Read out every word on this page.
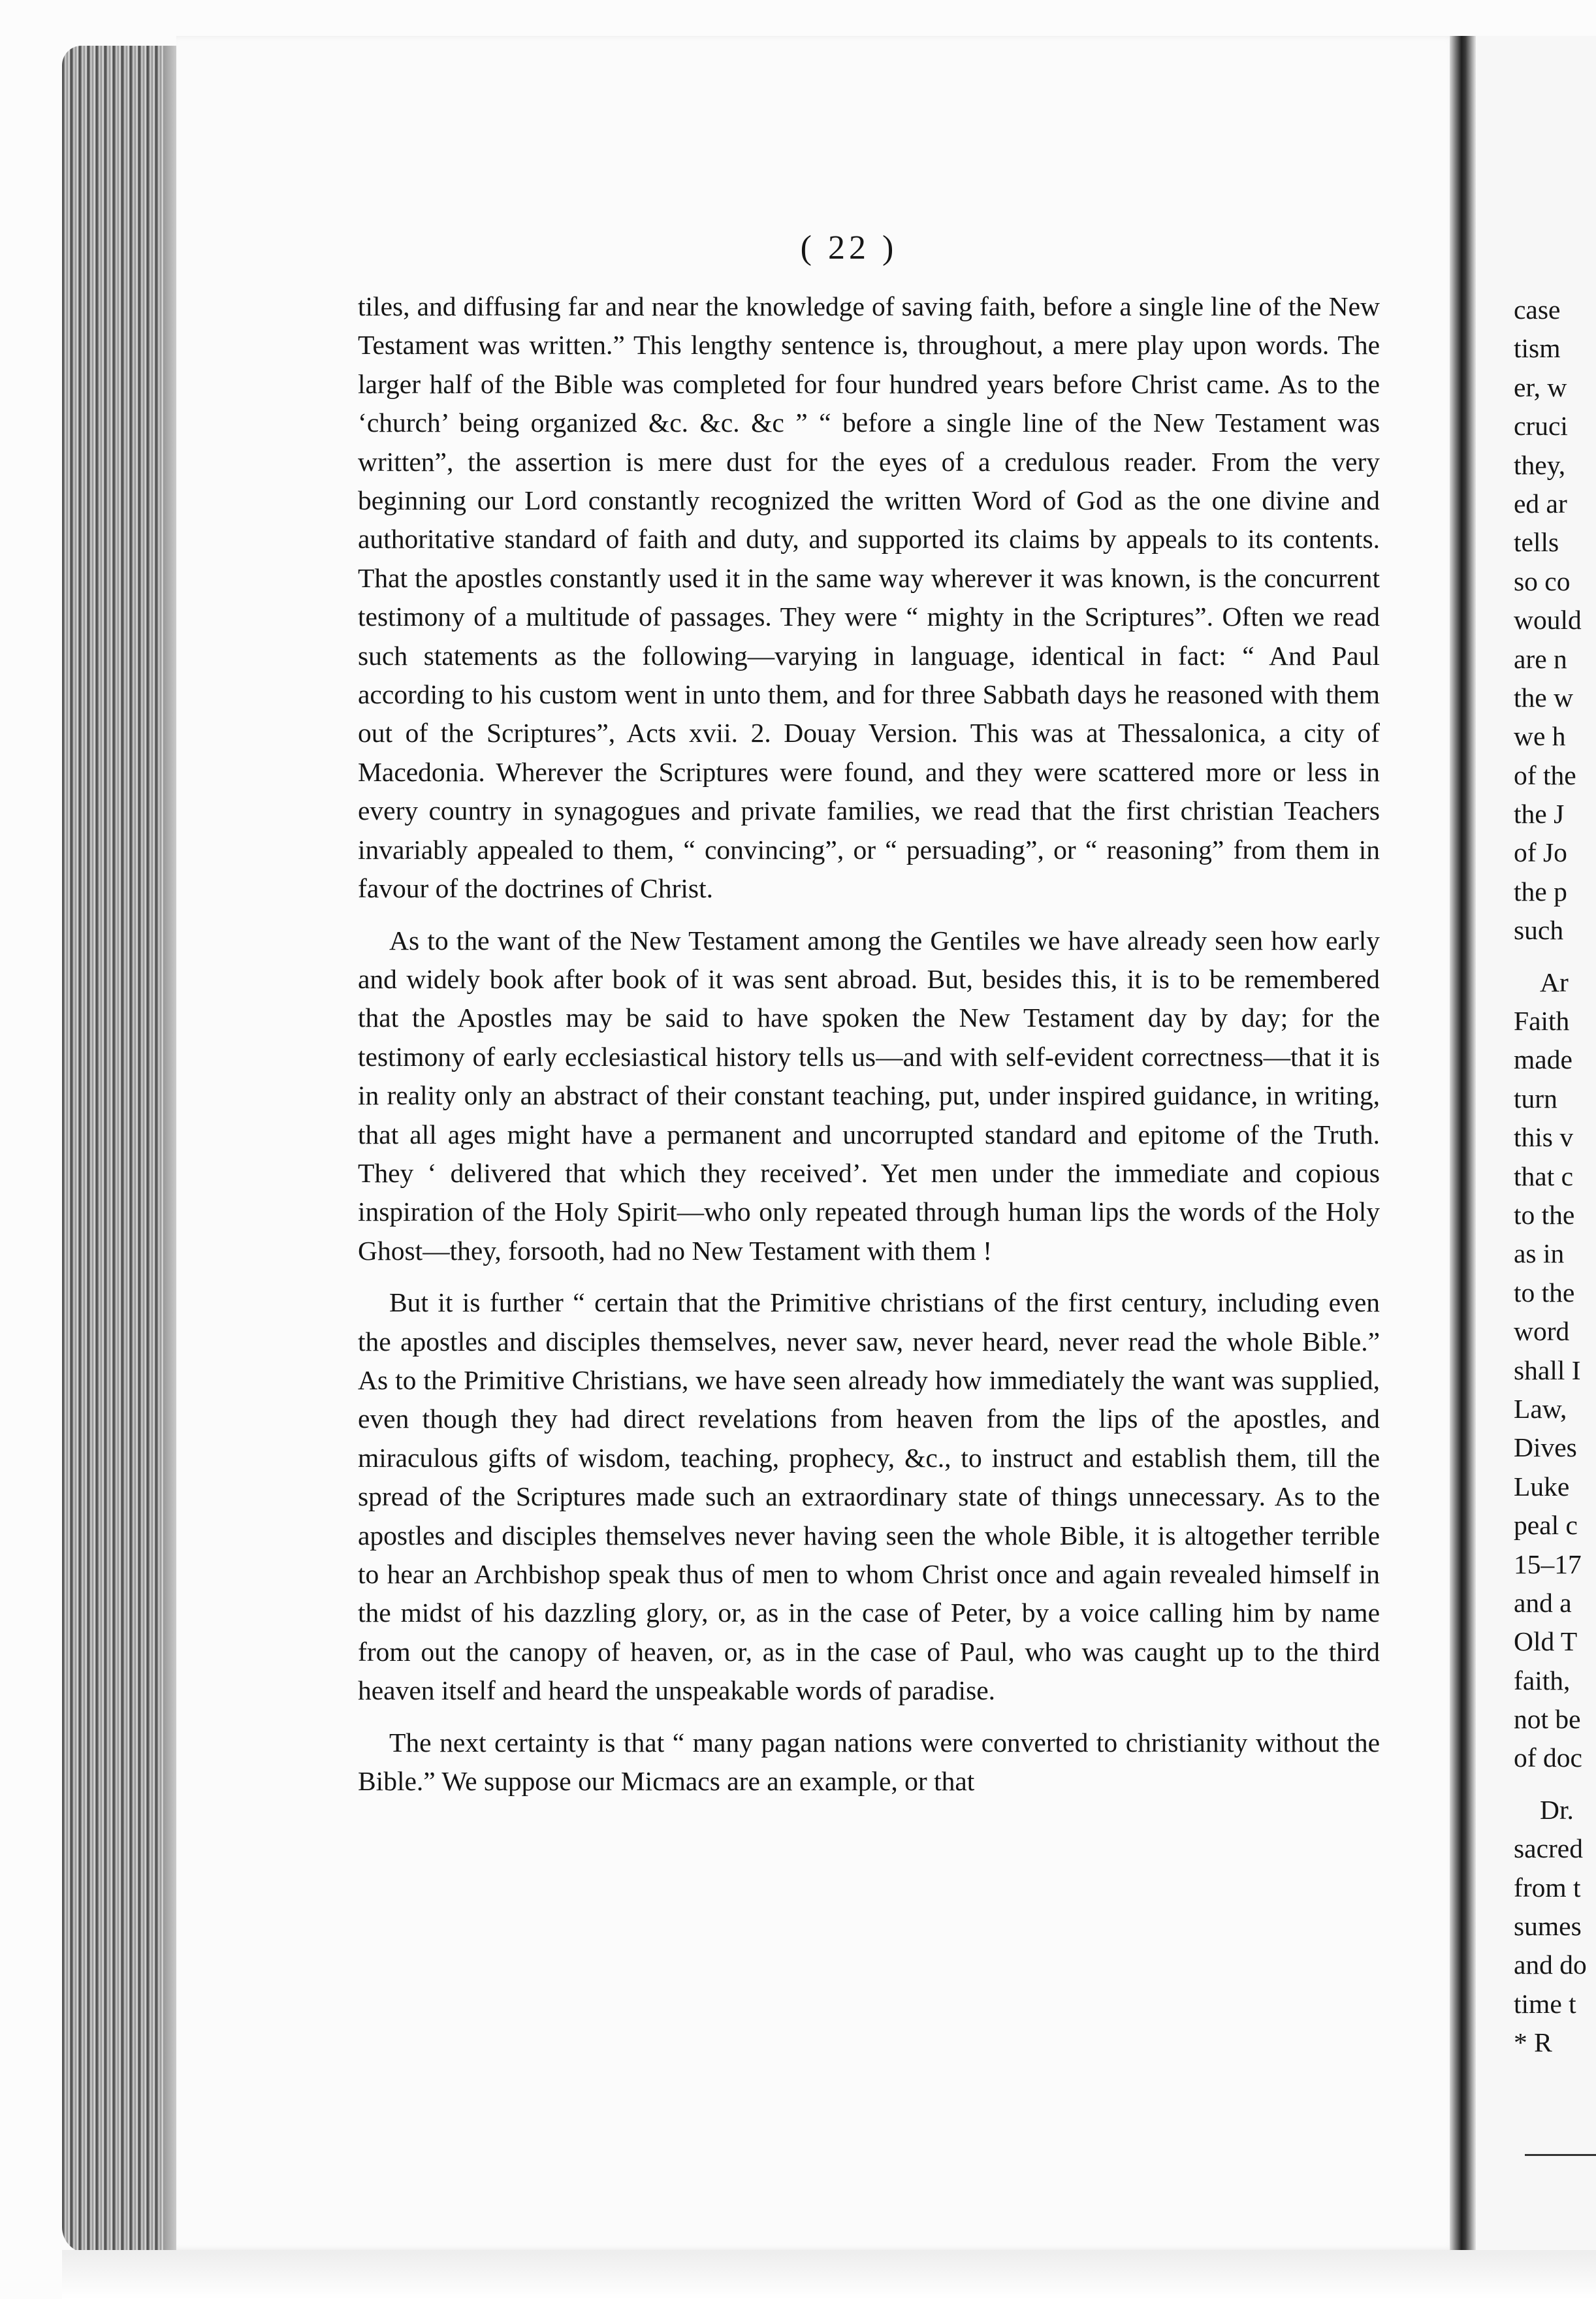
( 22 )

tiles, and diffusing far and near the knowledge of saving faith, before a single line of the New Testament was written.” This lengthy sentence is, throughout, a mere play upon words. The larger half of the Bible was completed for four hundred years before Christ came. As to the ‘church’ being organized &c. &c. &c ” “ before a single line of the New Testament was written”, the assertion is mere dust for the eyes of a credulous reader. From the very beginning our Lord constantly recognized the written Word of God as the one divine and authoritative standard of faith and duty, and supported its claims by appeals to its contents. That the apostles constantly used it in the same way wherever it was known, is the concurrent testimony of a multitude of passages. They were “ mighty in the Scriptures”. Often we read such statements as the following—varying in language, identical in fact: “ And Paul according to his custom went in unto them, and for three Sabbath days he reasoned with them out of the Scriptures”, Acts xvii. 2. Douay Version. This was at Thessalonica, a city of Macedonia. Wherever the Scriptures were found, and they were scattered more or less in every country in synagogues and private families, we read that the first christian Teachers invariably appealed to them, “ convincing”, or “ persuading”, or “ reasoning” from them in favour of the doctrines of Christ.

As to the want of the New Testament among the Gentiles we have already seen how early and widely book after book of it was sent abroad. But, besides this, it is to be remembered that the Apostles may be said to have spoken the New Testament day by day; for the testimony of early ecclesiastical history tells us—and with self-evident correctness—that it is in reality only an abstract of their constant teaching, put, under inspired guidance, in writing, that all ages might have a permanent and uncorrupted standard and epitome of the Truth. They ‘ delivered that which they received’. Yet men under the immediate and copious inspiration of the Holy Spirit—who only repeated through human lips the words of the Holy Ghost—they, forsooth, had no New Testament with them !

But it is further “ certain that the Primitive christians of the first century, including even the apostles and disciples themselves, never saw, never heard, never read the whole Bible.” As to the Primitive Christians, we have seen already how immediately the want was supplied, even though they had direct revelations from heaven from the lips of the apostles, and miraculous gifts of wisdom, teaching, prophecy, &c., to instruct and establish them, till the spread of the Scriptures made such an extraordinary state of things unnecessary. As to the apostles and disciples themselves never having seen the whole Bible, it is altogether terrible to hear an Archbishop speak thus of men to whom Christ once and again revealed himself in the midst of his dazzling glory, or, as in the case of Peter, by a voice calling him by name from out the canopy of heaven, or, as in the case of Paul, who was caught up to the third heaven itself and heard the unspeakable words of paradise.

The next certainty is that “ many pagan nations were converted to christianity without the Bible.” We suppose our Micmacs are an example, or that

case
tism
er, w
cruci
they,
ed ar
tells
so co
would
are n
the w
we h
of the
the J
of Jo
the p
such
Ar
Faith
made
turn
this v
that c
to the
as in
to the
word
shall I
Law,
Dives
Luke
peal c
15–17
and a
Old T
faith,
not be
of doc
Dr.
sacred
from t
sumes
and do
time t
* R
